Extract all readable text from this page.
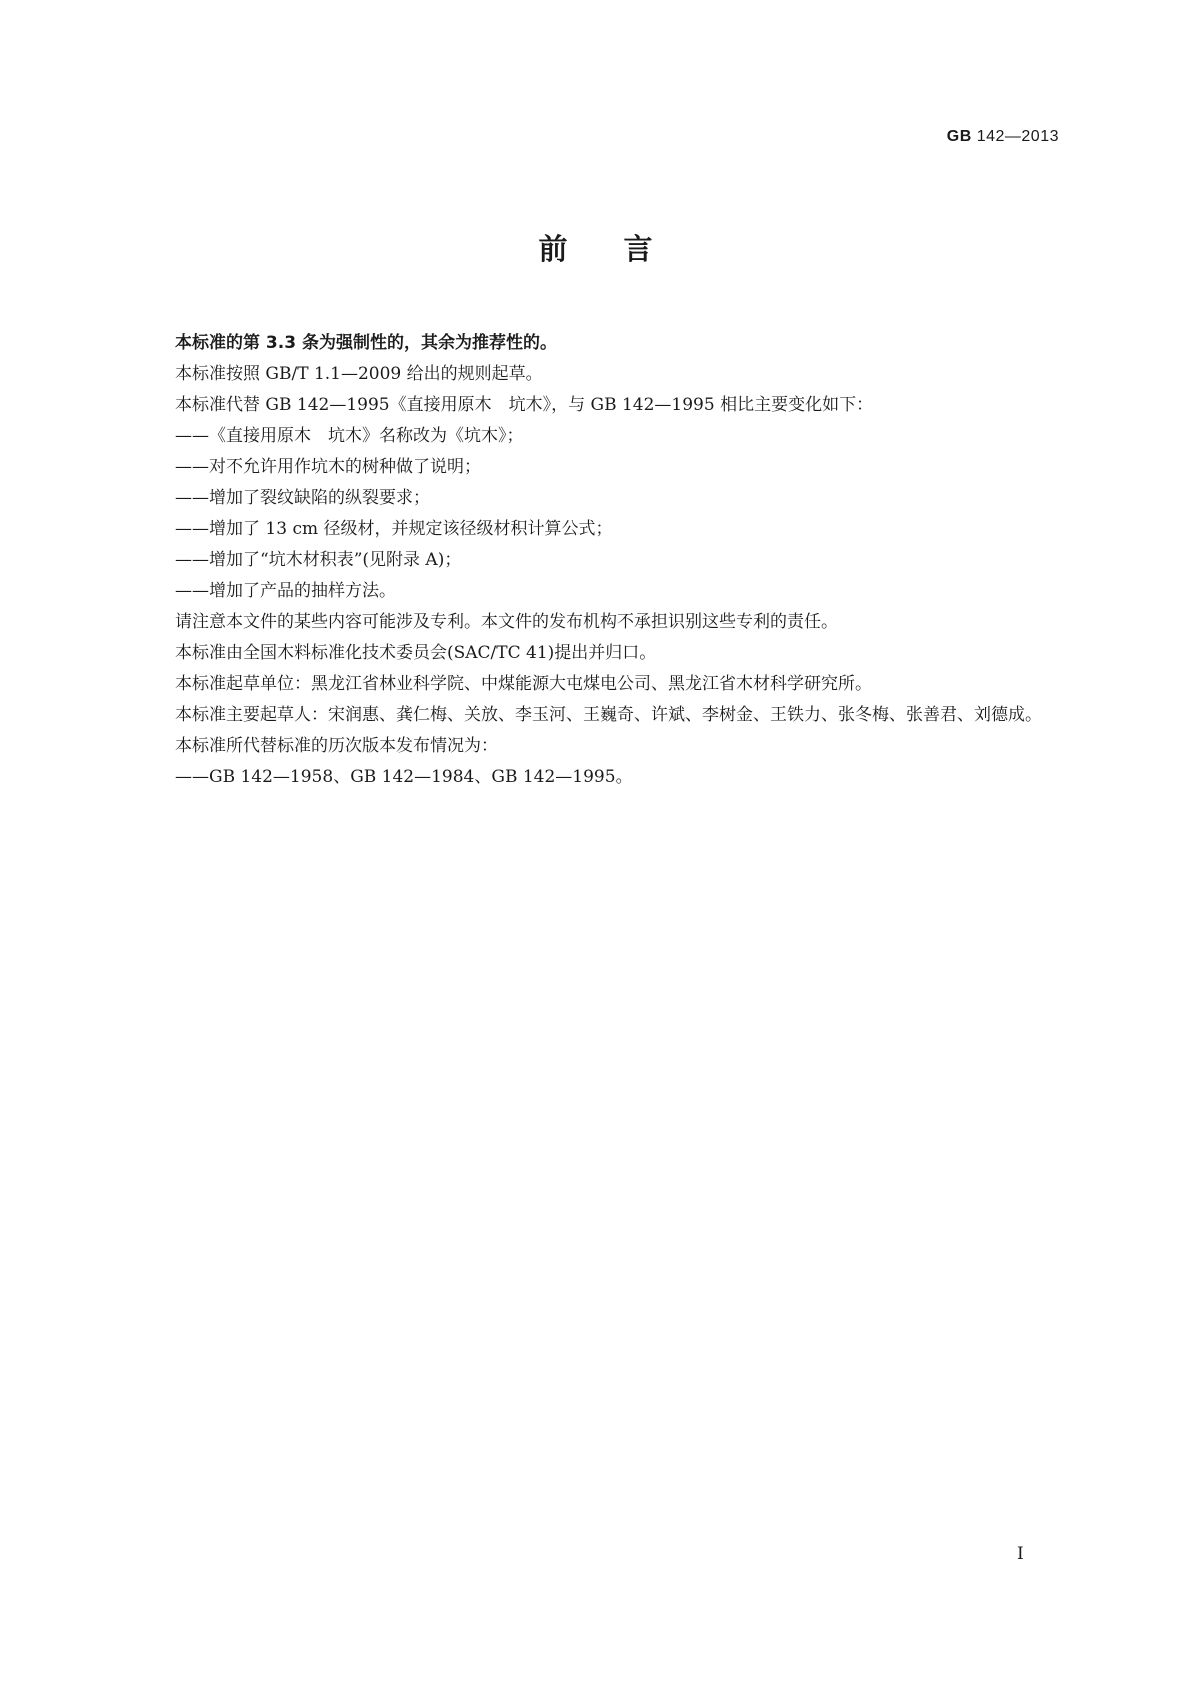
GB 142—2013
前言

本标准的第 3.3 条为强制性的，其余为推荐性的。

本标准按照 GB/T 1.1—2009 给出的规则起草。

本标准代替 GB 142—1995《直接用原木　坑木》，与 GB 142—1995 相比主要变化如下：

——《直接用原木　坑木》名称改为《坑木》；

——对不允许用作坑木的树种做了说明；

——增加了裂纹缺陷的纵裂要求；

——增加了 13 cm 径级材，并规定该径级材积计算公式；

——增加了“坑木材积表”(见附录 A)；

——增加了产品的抽样方法。

请注意本文件的某些内容可能涉及专利。本文件的发布机构不承担识别这些专利的责任。

本标准由全国木料标准化技术委员会(SAC/TC 41)提出并归口。

本标准起草单位：黑龙江省林业科学院、中煤能源大屯煤电公司、黑龙江省木材科学研究所。

本标准主要起草人：宋润惠、龚仁梅、关放、李玉河、王巍奇、许斌、李树金、王铁力、张冬梅、张善君、刘德成。

本标准所代替标准的历次版本发布情况为：

——GB 142—1958、GB 142—1984、GB 142—1995。

I
